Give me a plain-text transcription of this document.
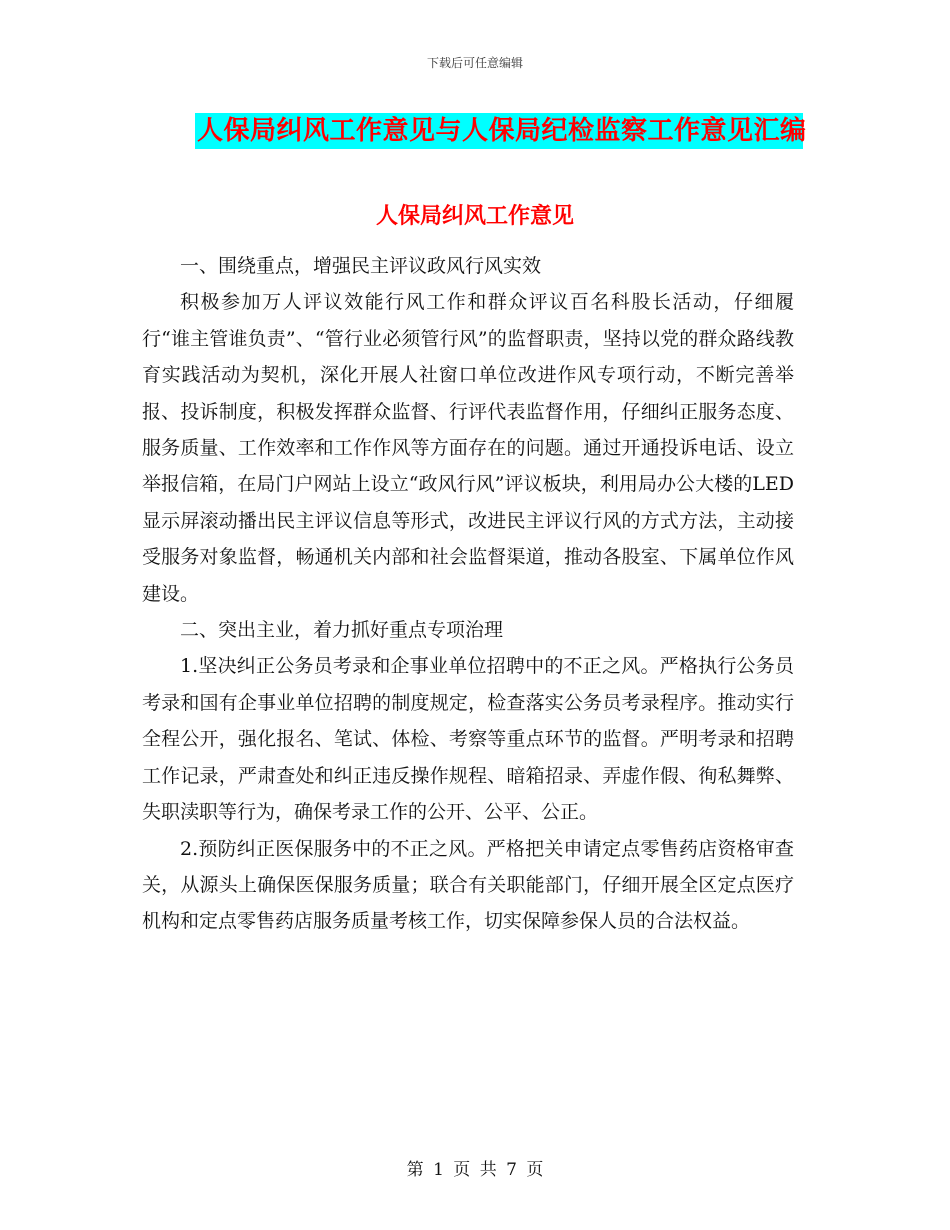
下载后可任意编辑
人保局纠风工作意见与人保局纪检监察工作意见汇编
人保局纠风工作意见

一、围绕重点，增强民主评议政风行风实效

积极参加万人评议效能行风工作和群众评议百名科股长活动，仔细履行“谁主管谁负责”、“管行业必须管行风”的监督职责，坚持以党的群众路线教育实践活动为契机，深化开展人社窗口单位改进作风专项行动，不断完善举报、投诉制度，积极发挥群众监督、行评代表监督作用，仔细纠正服务态度、服务质量、工作效率和工作作风等方面存在的问题。通过开通投诉电话、设立举报信箱，在局门户网站上设立“政风行风”评议板块，利用局办公大楼的LED显示屏滚动播出民主评议信息等形式，改进民主评议行风的方式方法，主动接受服务对象监督，畅通机关内部和社会监督渠道，推动各股室、下属单位作风建设。

二、突出主业，着力抓好重点专项治理

1.坚决纠正公务员考录和企事业单位招聘中的不正之风。严格执行公务员考录和国有企事业单位招聘的制度规定，检查落实公务员考录程序。推动实行全程公开，强化报名、笔试、体检、考察等重点环节的监督。严明考录和招聘工作记录，严肃查处和纠正违反操作规程、暗箱招录、弄虚作假、徇私舞弊、失职渎职等行为，确保考录工作的公开、公平、公正。

2.预防纠正医保服务中的不正之风。严格把关申请定点零售药店资格审查关，从源头上确保医保服务质量；联合有关职能部门，仔细开展全区定点医疗机构和定点零售药店服务质量考核工作，切实保障参保人员的合法权益。

第 1 页 共 7 页
